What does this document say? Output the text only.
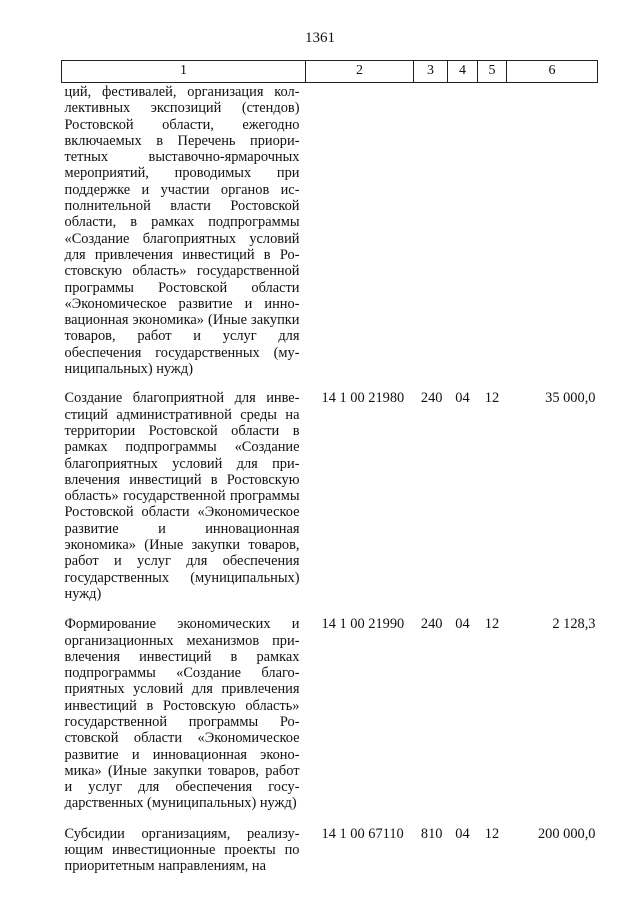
1361
1	2	3	4	5	6
ций, фестивалей, организация коллективных экспозиций (стендов) Ростовской области, ежегодно включаемых в Перечень приоритетных выставочно-ярмарочных мероприятий, проводимых при поддержке и участии органов исполнительной власти Ростовской области, в рамках подпрограммы «Создание благоприятных условий для привлечения инвестиций в Ростовскую область» государственной программы Ростовской области «Экономическое развитие и инновационная экономика» (Иные закупки товаров, работ и услуг для обеспечения государственных (муниципальных) нужд)					
Создание благоприятной для инвестиций административной среды на территории Ростовской области в рамках подпрограммы «Создание благоприятных условий для привлечения инвестиций в Ростовскую область» государственной программы Ростовской области «Экономическое развитие и инновационная экономика» (Иные закупки товаров, работ и услуг для обеспечения государственных (муниципальных) нужд)	14 1 00 21980	240	04	12	35 000,0
Формирование экономических и организационных механизмов привлечения инвестиций в рамках подпрограммы «Создание благоприятных условий для привлечения инвестиций в Ростовскую область» государственной программы Ростовской области «Экономическое развитие и инновационная экономика» (Иные закупки товаров, работ и услуг для обеспечения государственных (муниципальных) нужд)	14 1 00 21990	240	04	12	2 128,3
Субсидии организациям, реализующим инвестиционные проекты по приоритетным направлениям, на	14 1 00 67110	810	04	12	200 000,0
